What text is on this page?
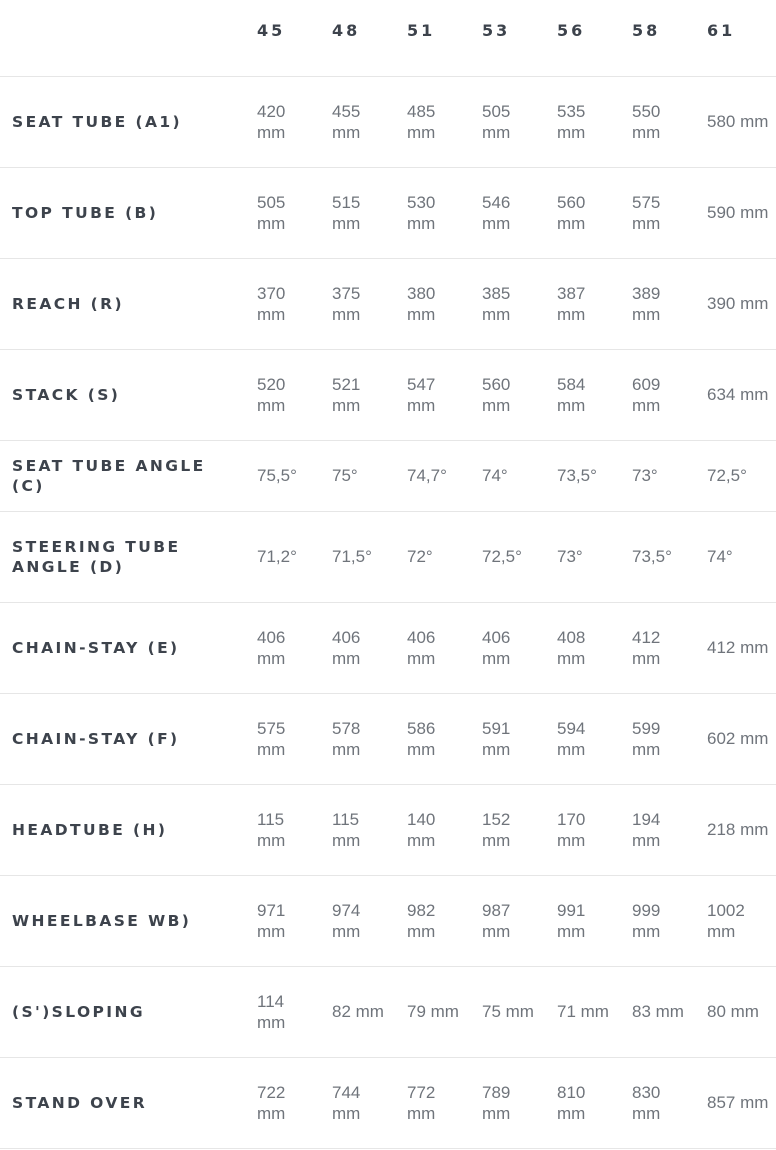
	45	48	51	53	56	58	61
SEAT TUBE (A1)	420 mm	455 mm	485 mm	505 mm	535 mm	550 mm	580 mm
TOP TUBE (B)	505 mm	515 mm	530 mm	546 mm	560 mm	575 mm	590 mm
REACH (R)	370 mm	375 mm	380 mm	385 mm	387 mm	389 mm	390 mm
STACK (S)	520 mm	521 mm	547 mm	560 mm	584 mm	609 mm	634 mm
SEAT TUBE ANGLE (C)	75,5°	75°	74,7°	74°	73,5°	73°	72,5°
STEERING TUBE ANGLE (D)	71,2°	71,5°	72°	72,5°	73°	73,5°	74°
CHAIN-STAY (E)	406 mm	406 mm	406 mm	406 mm	408 mm	412 mm	412 mm
CHAIN-STAY (F)	575 mm	578 mm	586 mm	591 mm	594 mm	599 mm	602 mm
HEADTUBE (H)	115 mm	115 mm	140 mm	152 mm	170 mm	194 mm	218 mm
WHEELBASE WB)	971 mm	974 mm	982 mm	987 mm	991 mm	999 mm	1002 mm
(S')SLOPING	114 mm	82 mm	79 mm	75 mm	71 mm	83 mm	80 mm
STAND OVER	722 mm	744 mm	772 mm	789 mm	810 mm	830 mm	857 mm
